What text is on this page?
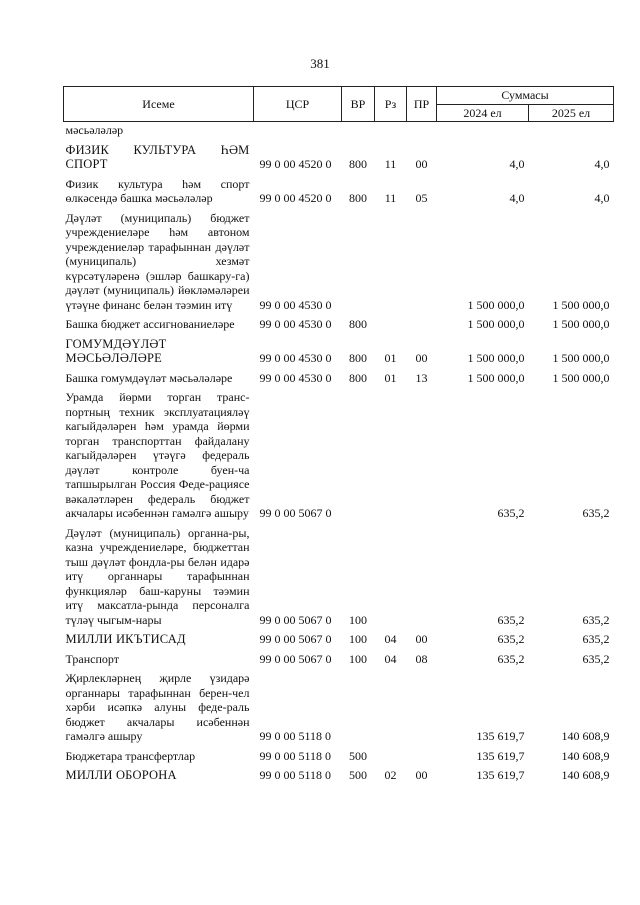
381
Исеме	ЦСР	ВР	Рз	ПР	Суммасы	
					2024 ел	2025 ел
мәсьәләләр						
ФИЗИК КУЛЬТУРА ҺӘМ СПОРТ	99 0 00 4520 0	800	11	00	4,0	4,0
Физик культура һәм спорт өлкәсендә башка мәсьәләләр	99 0 00 4520 0	800	11	05	4,0	4,0
Дәүләт (муниципаль) бюджет учреждениеләре һәм автоном учреждениеләр тарафыннан дәүләт (муниципаль) хезмәт күрсәтүләренә (эшләр башкару-га) дәүләт (муниципаль) йөкләмәләреи үтәүне финанс белән тәэмин итү	99 0 00 4530 0				1 500 000,0	1 500 000,0
Башка бюджет ассигнованиеләре	99 0 00 4530 0	800			1 500 000,0	1 500 000,0
ГОМУМДӘҮЛӘТ МӘСЬӘЛӘЛӘРЕ	99 0 00 4530 0	800	01	00	1 500 000,0	1 500 000,0
Башка гомумдәүләт мәсьәләләре	99 0 00 4530 0	800	01	13	1 500 000,0	1 500 000,0
Урамда йөрми торган транс-портның техник эксплуатацияләү кагыйдәләрен һәм урамда йөрми торган транспорттан файдалану кагыйдәләрен үтәүгә федераль дәүләт контроле буен-ча тапшырылган Россия Феде-рациясе вәкаләтләрен федераль бюджет акчалары исәбеннән гамәлгә ашыру	99 0 00 5067 0				635,2	635,2
Дәүләт (муниципаль) органна-ры, казна учреждениеләре, бюджеттан тыш дәүләт фондла-ры белән идарә итү органнары тарафыннан функцияләр баш-каруны тәэмин итү максатла-рында персоналга түләү чыгым-нары	99 0 00 5067 0	100			635,2	635,2
МИЛЛИ ИКЪТИСАД	99 0 00 5067 0	100	04	00	635,2	635,2
Транспорт	99 0 00 5067 0	100	04	08	635,2	635,2
Җирлекләрнең җирле үзидарә органнары тарафыннан берен-чел хәрби исәпкә алуны феде-раль бюджет акчалары исәбеннән гамәлгә ашыру	99 0 00 5118 0				135 619,7	140 608,9
Бюджетара трансфертлар	99 0 00 5118 0	500			135 619,7	140 608,9
МИЛЛИ ОБОРОНА	99 0 00 5118 0	500	02	00	135 619,7	140 608,9
